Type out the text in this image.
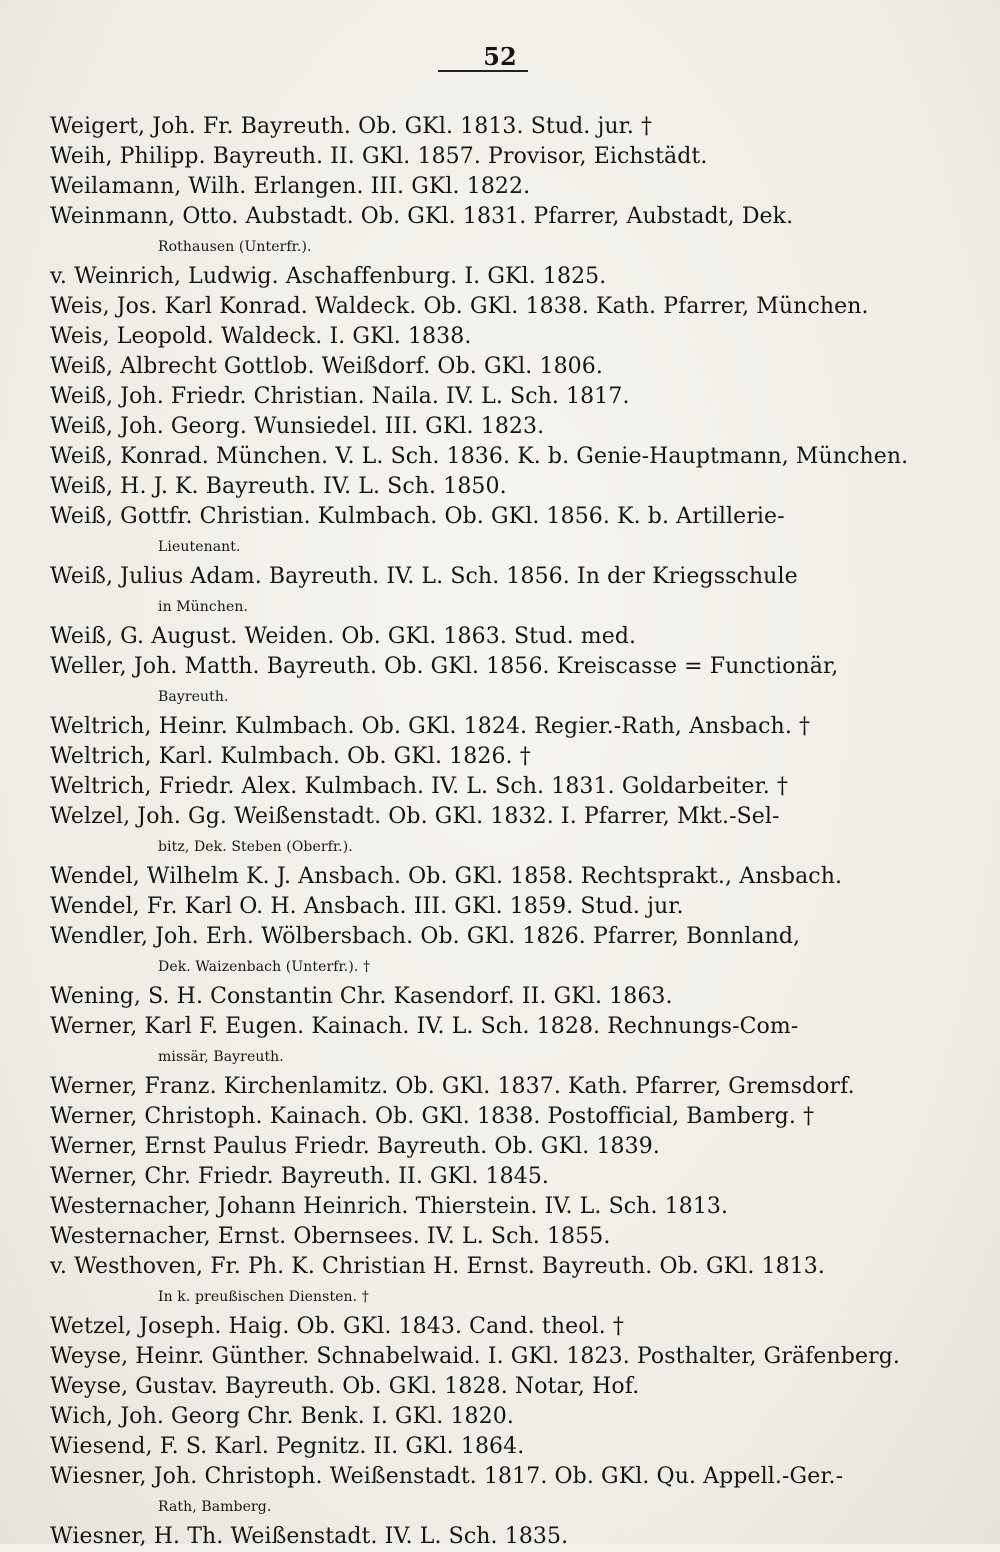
52
Weigert, Joh. Fr. Bayreuth. Ob. GKl. 1813. Stud. jur. †
Weih, Philipp. Bayreuth. II. GKl. 1857. Provisor, Eichstädt.
Weilamann, Wilh. Erlangen. III. GKl. 1822.
Weinmann, Otto. Aubstadt. Ob. GKl. 1831. Pfarrer, Aubstadt, Dek.
Rothausen (Unterfr.).
v. Weinrich, Ludwig. Aschaffenburg. I. GKl. 1825.
Weis, Jos. Karl Konrad. Waldeck. Ob. GKl. 1838. Kath. Pfarrer, München.
Weis, Leopold. Waldeck. I. GKl. 1838.
Weiß, Albrecht Gottlob. Weißdorf. Ob. GKl. 1806.
Weiß, Joh. Friedr. Christian. Naila. IV. L. Sch. 1817.
Weiß, Joh. Georg. Wunsiedel. III. GKl. 1823.
Weiß, Konrad. München. V. L. Sch. 1836. K. b. Genie-Hauptmann, München.
Weiß, H. J. K. Bayreuth. IV. L. Sch. 1850.
Weiß, Gottfr. Christian. Kulmbach. Ob. GKl. 1856. K. b. Artillerie-
Lieutenant.
Weiß, Julius Adam. Bayreuth. IV. L. Sch. 1856. In der Kriegsschule
in München.
Weiß, G. August. Weiden. Ob. GKl. 1863. Stud. med.
Weller, Joh. Matth. Bayreuth. Ob. GKl. 1856. Kreiscasse = Functionär,
Bayreuth.
Weltrich, Heinr. Kulmbach. Ob. GKl. 1824. Regier.-Rath, Ansbach. †
Weltrich, Karl. Kulmbach. Ob. GKl. 1826. †
Weltrich, Friedr. Alex. Kulmbach. IV. L. Sch. 1831. Goldarbeiter. †
Welzel, Joh. Gg. Weißenstadt. Ob. GKl. 1832. I. Pfarrer, Mkt.-Sel-
bitz, Dek. Steben (Oberfr.).
Wendel, Wilhelm K. J. Ansbach. Ob. GKl. 1858. Rechtsprakt., Ansbach.
Wendel, Fr. Karl O. H. Ansbach. III. GKl. 1859. Stud. jur.
Wendler, Joh. Erh. Wölbersbach. Ob. GKl. 1826. Pfarrer, Bonnland,
Dek. Waizenbach (Unterfr.). †
Wening, S. H. Constantin Chr. Kasendorf. II. GKl. 1863.
Werner, Karl F. Eugen. Kainach. IV. L. Sch. 1828. Rechnungs-Com-
missär, Bayreuth.
Werner, Franz. Kirchenlamitz. Ob. GKl. 1837. Kath. Pfarrer, Gremsdorf.
Werner, Christoph. Kainach. Ob. GKl. 1838. Postofficial, Bamberg. †
Werner, Ernst Paulus Friedr. Bayreuth. Ob. GKl. 1839.
Werner, Chr. Friedr. Bayreuth. II. GKl. 1845.
Westernacher, Johann Heinrich. Thierstein. IV. L. Sch. 1813.
Westernacher, Ernst. Obernsees. IV. L. Sch. 1855.
v. Westhoven, Fr. Ph. K. Christian H. Ernst. Bayreuth. Ob. GKl. 1813.
In k. preußischen Diensten. †
Wetzel, Joseph. Haig. Ob. GKl. 1843. Cand. theol. †
Weyse, Heinr. Günther. Schnabelwaid. I. GKl. 1823. Posthalter, Gräfenberg.
Weyse, Gustav. Bayreuth. Ob. GKl. 1828. Notar, Hof.
Wich, Joh. Georg Chr. Benk. I. GKl. 1820.
Wiesend, F. S. Karl. Pegnitz. II. GKl. 1864.
Wiesner, Joh. Christoph. Weißenstadt. 1817. Ob. GKl. Qu. Appell.-Ger.-
Rath, Bamberg.
Wiesner, H. Th. Weißenstadt. IV. L. Sch. 1835.
